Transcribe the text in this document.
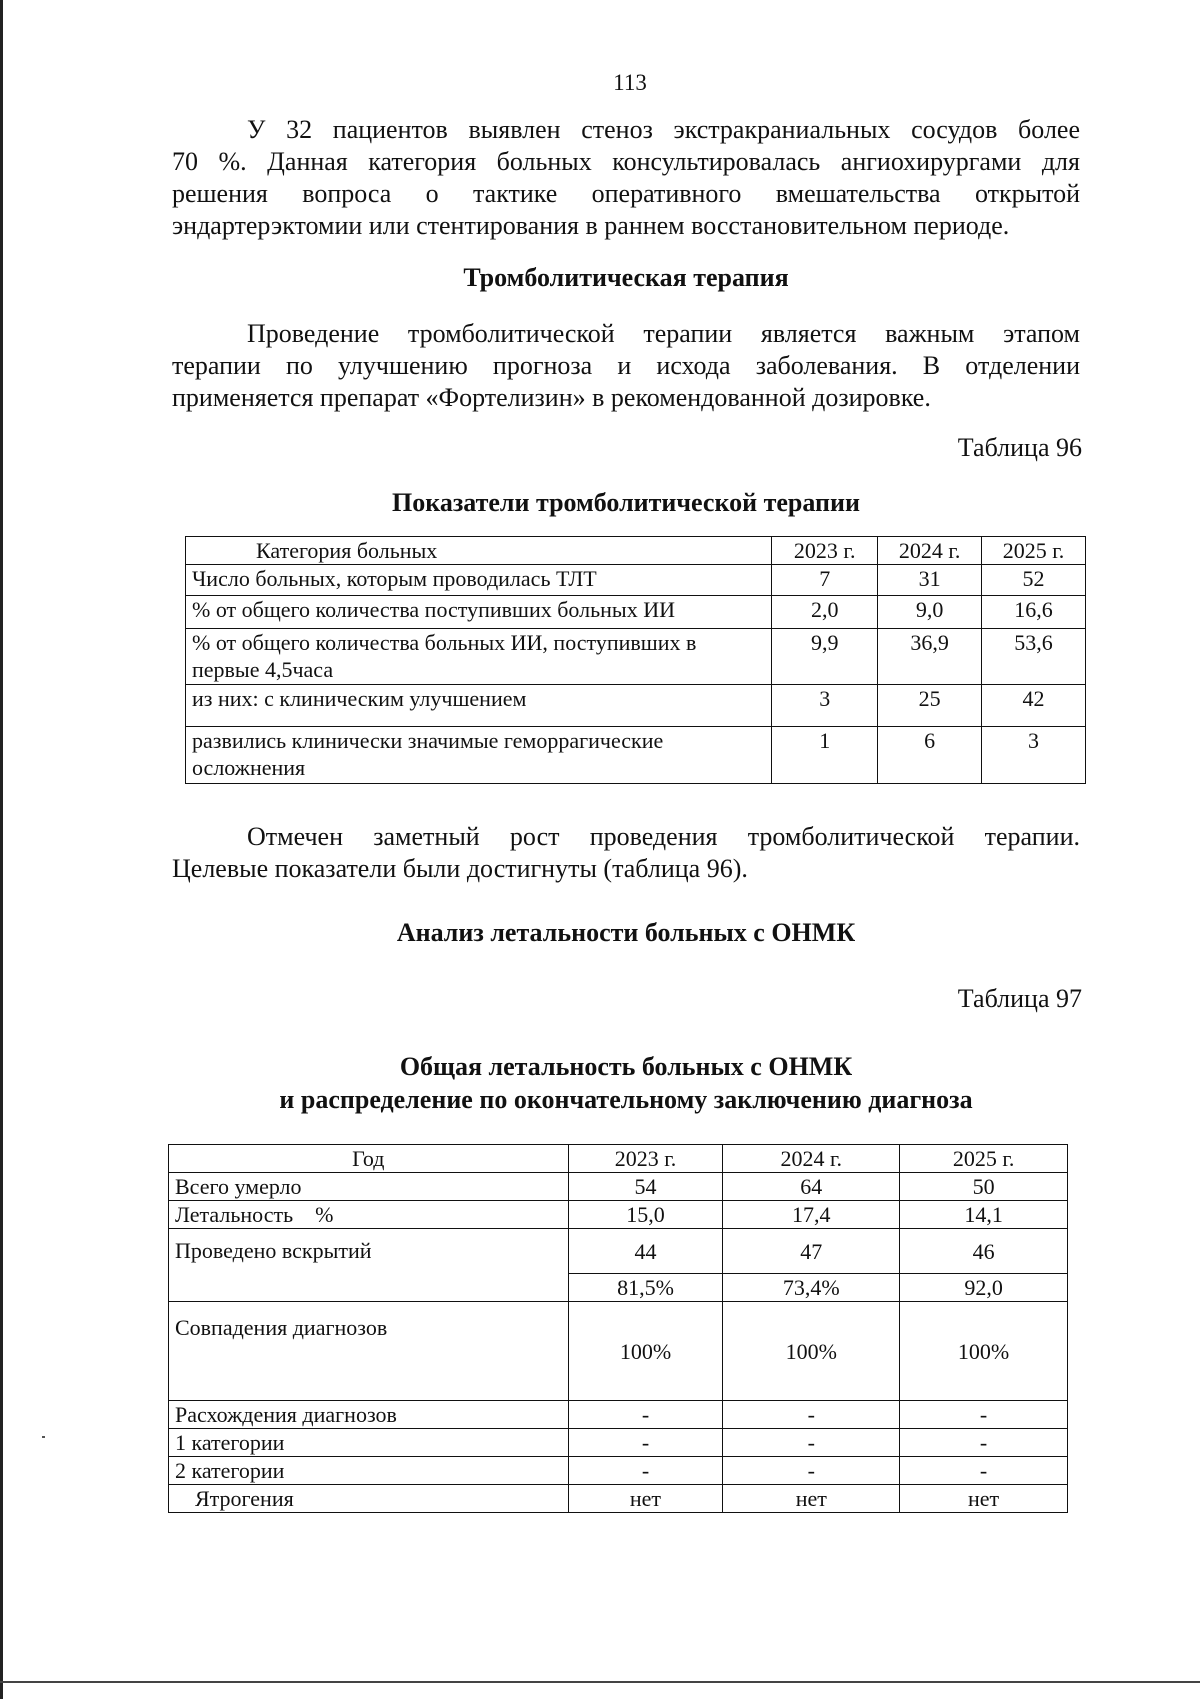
113

У 32 пациентов выявлен стеноз экстракраниальных сосудов более
70 %. Данная категория больных консультировалась ангиохирургами для
решения вопроса о тактике оперативного вмешательства открытой
эндартерэктомии или стентирования в раннем восстановительном периоде.

Тромболитическая терапия

Проведение тромболитической терапии является важным этапом
терапии по улучшению прогноза и исхода заболевания. В отделении
применяется препарат «Фортелизин» в рекомендованной дозировке.

Таблица 96
Показатели тромболитической терапии
Категория больных	2023 г.	2024 г.	2025 г.
Число больных, которым проводилась ТЛТ	7	31	52
% от общего количества поступивших больных ИИ	2,0	9,0	16,6
% от общего количества больных ИИ, поступивших в первые 4,5часа	9,9	36,9	53,6
из них: с клиническим улучшением	3	25	42
развились клинически значимые геморрагические осложнения	1	6	3

Отмечен заметный рост проведения тромболитической терапии.
Целевые показатели были достигнуты (таблица 96).

Анализ летальности больных с ОНМК
Таблица 97
Общая летальность больных с ОНМК
и распределение по окончательному заключению диагноза
Год	2023 г.	2024 г.	2025 г.
Всего умерло	54	64	50
Летальность    %	15,0	17,4	14,1
Проведено вскрытий	44	47	46
	81,5%	73,4%	92,0
Совпадения диагнозов	100%	100%	100%
Расхождения диагнозов	-	-	-
1 категории	-	-	-
2 категории	-	-	-
Ятрогения	нет	нет	нет
